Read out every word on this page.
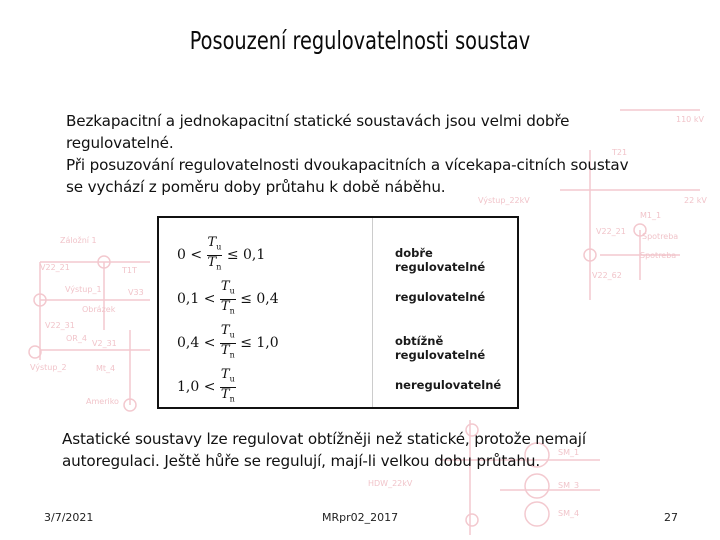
Záložní 1
V22_21	T1T
Výstup_1	V33
Obrázek
V22_31
OR_4
V2_31
Výstup_2	Mt_4
Ameriko
110 kV
T21
Výstup_22kV	22 kV
M1_1
V22_21
Spotreba
V22_62
Spotreba
SM_1
SM_3
SM_4
HDW_22kV
Posouzení regulovatelnosti soustav
Bezkapacitní a jednokapacitní statické soustavách jsou velmi dobře
regulovatelné.
Při posuzování regulovatelnosti dvoukapacitních a vícekapa-citních soustav
se vychází z poměru doby průtahu k době náběhu.
$0 < \frac{T_u}{T_n} \le 0,1$	dobře regulovatelné
$0,1 < \frac{T_u}{T_n} \le 0,4$	regulovatelné
$0,4 < \frac{T_u}{T_n} \le 1,0$	obtížně regulovatelné
$1,0 < \frac{T_u}{T_n}$	neregulovatelné
Astatické soustavy lze regulovat obtížněji než statické, protože nemají
autoregulaci. Ještě hůře se regulují, mají-li velkou dobu průtahu.
3/7/2021	MRpr02_2017	27
